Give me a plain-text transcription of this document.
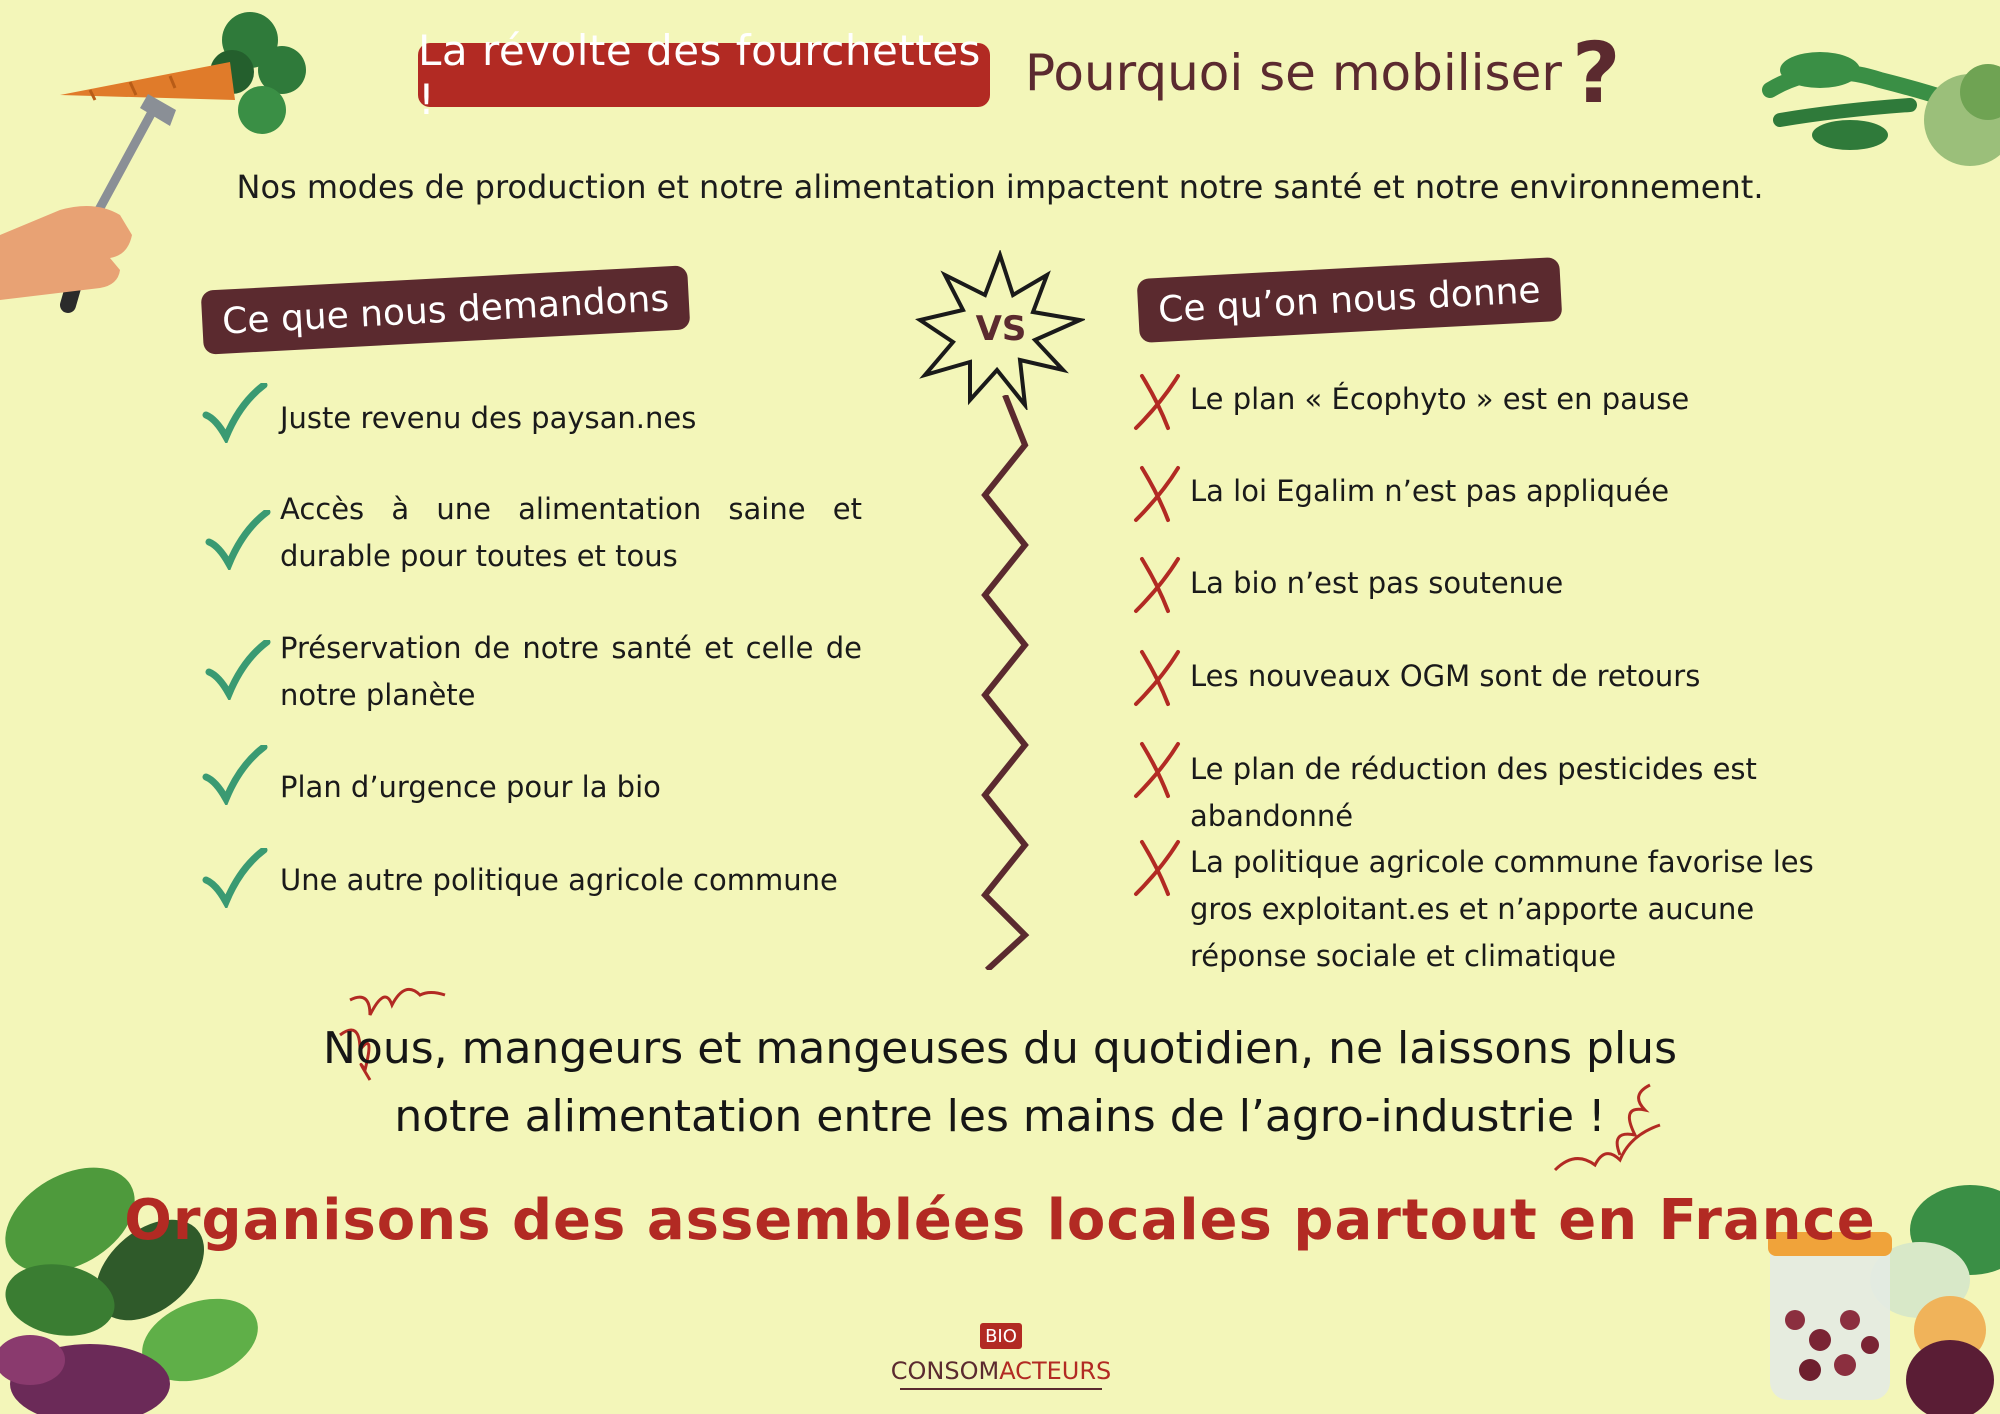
La révolte des fourchettes !	Pourquoi se mobiliser ?
Nos modes de production et notre alimentation impactent notre santé et notre environnement.
Ce que nous demandons	Ce qu’on nous donne
VS
Juste revenu des paysan.nes
Accès à une alimentation saine et durable pour toutes et tous
Préservation de notre santé et celle de notre planète
Plan d’urgence pour la bio
Une autre politique agricole commune
Le plan « Écophyto » est en pause
La loi Egalim n’est pas appliquée
La bio n’est pas soutenue
Les nouveaux OGM sont de retours
Le plan de réduction des pesticides est abandonné
La politique agricole commune favorise les gros exploitant.es et n’apporte aucune réponse sociale et climatique
Nous, mangeurs et mangeuses du quotidien, ne laissons plus
notre alimentation entre les mains de l’agro-industrie !
Organisons des assemblées locales partout en France
BIO
CONSOM ACTEURS
